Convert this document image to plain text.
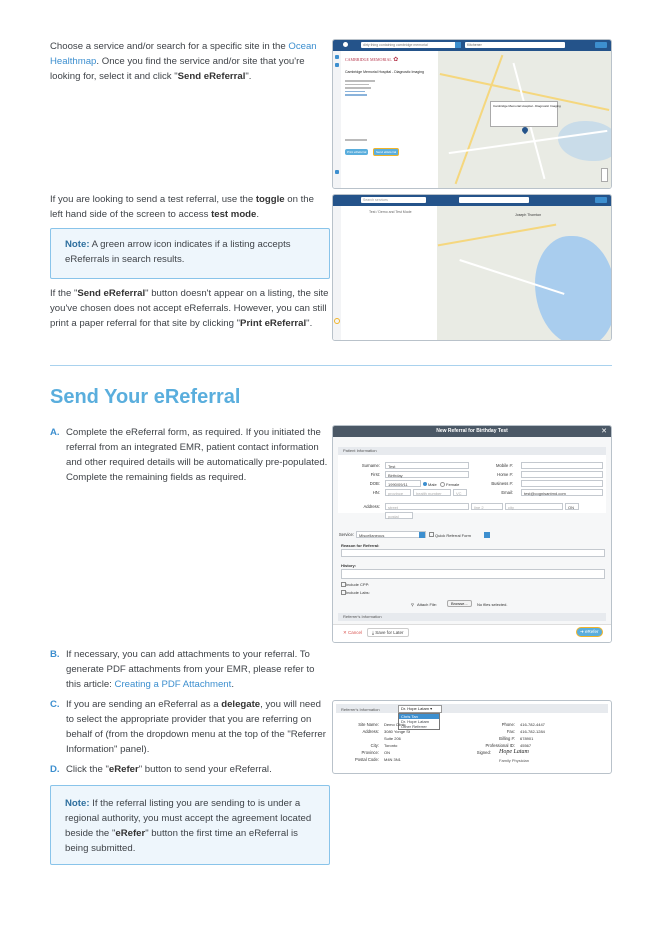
Choose a service and/or search for a specific site in the Ocean Healthmap. Once you find the service and/or site that you're looking for, select it and click "Send eReferral".
dirty thing containing cambridge memorial	Kitchener
CAMBRIDGE MEMORIAL ✿
Cambridge Memorial Hospital - Diagnostic Imaging
Print eReferral	Send eReferral
Cambridge Memorial Hospital - Diagnostic Imaging
If you are looking to send a test referral, use the toggle on the left hand side of the screen to access test mode.
Note: A green arrow icon indicates if a listing accepts eReferrals in search results.
If the "Send eReferral" button doesn't appear on a listing, the site you've chosen does not accept eReferrals. However, you can still print a paper referral for that site by clicking "Print eReferral".
Search services
Test / Demo and Test Mode
Joseph Thornton
Send Your eReferral
A. Complete the eReferral form, as required. If you initiated the referral from an integrated EMR, patient contact information and other required details will be automatically pre-populated. Complete the remaining fields as required.
New Referral for Birthday Test	✕
Patient Information
Surname:	Test
First:	Birthday
DOB:	1990/09/11	Male Female
HN:	province	health number	VC
Address:	street	line 2	city	ON
postal
Mobile #:
Home #:
Business #:
Email:	test@cognisantmd.com
Service:	Miscellaneous	Quick Referral Form
Reason for Referral:
History:
Include CPP:
Include Labs:
⚲ Attach File:	Browse...	No files selected.
Referrer's Information
✕ Cancel	⤓ Save for Later	➜ eRefer
B. If necessary, you can add attachments to your referral. To generate PDF attachments from your EMR, please refer to this article: Creating a PDF Attachment.
C. If you are sending an eReferral as a delegate, you will need to select the appropriate provider that you are referring on behalf of (from the dropdown menu at the top of the "Referrer Information" panel).
Referrer's Information	Dr. Hope Latam ▾
Chris Tan
Dr. Hope Latam
Other Referrer
Site Name: Demo Clinic
Address: 3080 Yonge St
Suite 206
City: Toronto
Province: ON
Postal Code: M4N 3N1
Phone: 416-782-4447
Fax: 416-782-1284
Billing #: 678901
Professional ID: 45567
Signed: Hope Latam
Family Physician
D. Click the "eRefer" button to send your eReferral.
Note: If the referral listing you are sending to is under a regional authority, you must accept the agreement located beside the "eRefer" button the first time an eReferral is being submitted.
